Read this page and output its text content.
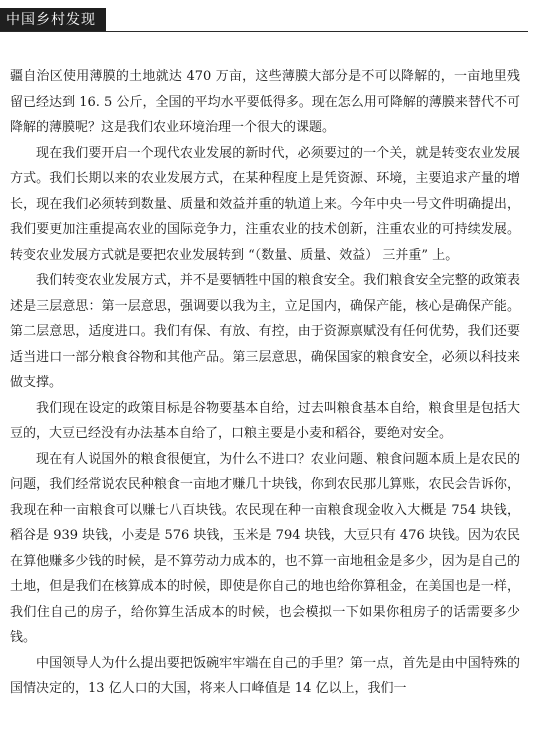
中国乡村发现

疆自治区使用薄膜的土地就达 470 万亩，这些薄膜大部分是不可以降解的，一亩地里残留已经达到 16. 5 公斤，全国的平均水平要低得多。现在怎么用可降解的薄膜来替代不可降解的薄膜呢？这是我们农业环境治理一个很大的课题。

现在我们要开启一个现代农业发展的新时代，必须要过的一个关，就是转变农业发展方式。我们长期以来的农业发展方式，在某种程度上是凭资源、环境，主要追求产量的增长，现在我们必须转到数量、质量和效益并重的轨道上来。今年中央一号文件明确提出，我们要更加注重提高农业的国际竞争力，注重农业的技术创新，注重农业的可持续发展。转变农业发展方式就是要把农业发展转到 “（数量、质量、效益） 三并重” 上。

我们转变农业发展方式，并不是要牺牲中国的粮食安全。我们粮食安全完整的政策表述是三层意思：第一层意思，强调要以我为主，立足国内，确保产能，核心是确保产能。第二层意思，适度进口。我们有保、有放、有控，由于资源禀赋没有任何优势，我们还要适当进口一部分粮食谷物和其他产品。第三层意思，确保国家的粮食安全，必须以科技来做支撑。

我们现在设定的政策目标是谷物要基本自给，过去叫粮食基本自给，粮食里是包括大豆的，大豆已经没有办法基本自给了，口粮主要是小麦和稻谷，要绝对安全。

现在有人说国外的粮食很便宜，为什么不进口？农业问题、粮食问题本质上是农民的问题，我们经常说农民种粮食一亩地才赚几十块钱，你到农民那儿算账，农民会告诉你，我现在种一亩粮食可以赚七八百块钱。农民现在种一亩粮食现金收入大概是 754 块钱，稻谷是 939 块钱，小麦是 576 块钱，玉米是 794 块钱，大豆只有 476 块钱。因为农民在算他赚多少钱的时候，是不算劳动力成本的，也不算一亩地租金是多少，因为是自己的土地，但是我们在核算成本的时候，即使是你自己的地也给你算租金，在美国也是一样，我们住自己的房子，给你算生活成本的时候，也会模拟一下如果你租房子的话需要多少钱。

中国领导人为什么提出要把饭碗牢牢端在自己的手里？第一点，首先是由中国特殊的国情决定的，13 亿人口的大国，将来人口峰值是 14 亿以上，我们一
